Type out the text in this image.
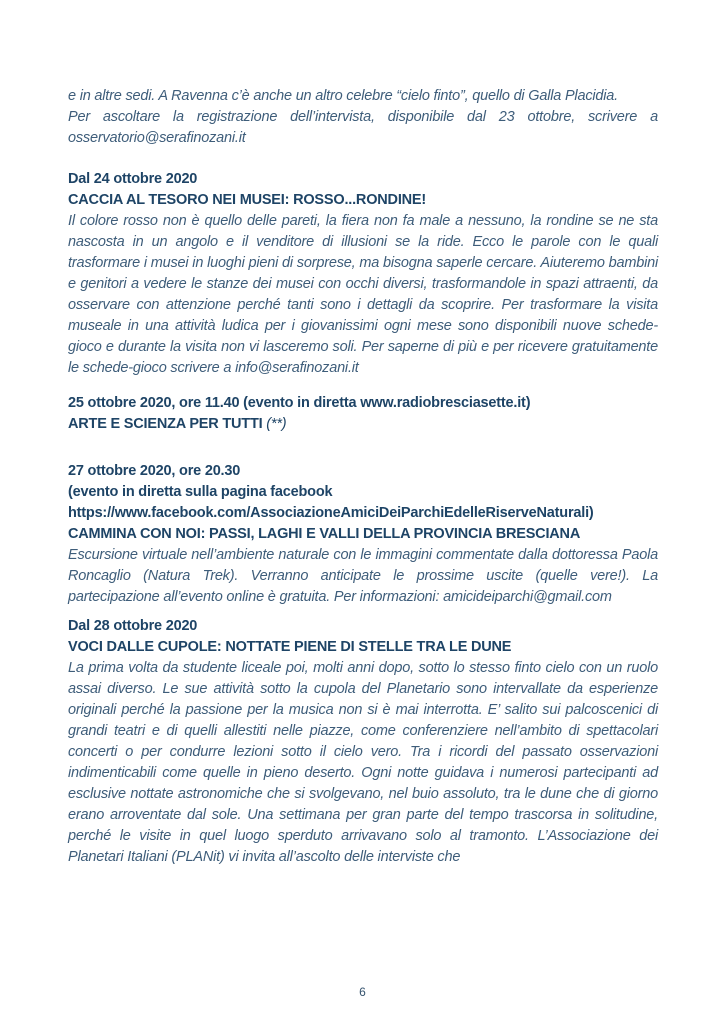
e in altre sedi. A Ravenna c’è anche un altro celebre “cielo finto”, quello di Galla Placidia.

Per ascoltare la registrazione dell’intervista, disponibile dal 23 ottobre, scrivere a osservatorio@serafinozani.it

Dal 24 ottobre 2020

CACCIA AL TESORO NEI MUSEI: ROSSO...RONDINE!

Il colore rosso non è quello delle pareti, la fiera non fa male a nessuno, la rondine se ne sta nascosta in un angolo e il venditore di illusioni se la ride. Ecco le parole con le quali trasformare i musei in luoghi pieni di sorprese, ma bisogna saperle cercare. Aiuteremo bambini e genitori a vedere le stanze dei musei con occhi diversi, trasformandole in spazi attraenti, da osservare con attenzione perché tanti sono i dettagli da scoprire. Per trasformare la visita museale in una attività ludica per i giovanissimi ogni mese sono disponibili nuove schede-gioco e durante la visita non vi lasceremo soli. Per saperne di più e per ricevere gratuitamente le schede-gioco scrivere a info@serafinozani.it

25 ottobre 2020, ore 11.40 (evento in diretta www.radiobresciasette.it)

ARTE E SCIENZA PER TUTTI (**)

27 ottobre 2020, ore 20.30

(evento in diretta sulla pagina facebook

https://www.facebook.com/AssociazioneAmiciDeiParchiEdelleRiserveNaturali)

CAMMINA CON NOI: PASSI, LAGHI E VALLI DELLA PROVINCIA BRESCIANA

Escursione virtuale nell’ambiente naturale con le immagini commentate dalla dottoressa Paola Roncaglio (Natura Trek). Verranno anticipate le prossime uscite (quelle vere!). La partecipazione all’evento online è gratuita. Per informazioni: amicideiparchi@gmail.com

Dal 28 ottobre 2020

VOCI DALLE CUPOLE: NOTTATE PIENE DI STELLE TRA LE DUNE

La prima volta da studente liceale poi, molti anni dopo, sotto lo stesso finto cielo con un ruolo assai diverso. Le sue attività sotto la cupola del Planetario sono intervallate da esperienze originali perché la passione per la musica non si è mai interrotta. E’ salito sui palcoscenici di grandi teatri e di quelli allestiti nelle piazze, come conferenziere nell’ambito di spettacolari concerti o per condurre lezioni sotto il cielo vero. Tra i ricordi del passato osservazioni indimenticabili come quelle in pieno deserto. Ogni notte guidava i numerosi partecipanti ad esclusive nottate astronomiche che si svolgevano, nel buio assoluto, tra le dune che di giorno erano arroventate dal sole. Una settimana per gran parte del tempo trascorsa in solitudine, perché le visite in quel luogo sperduto arrivavano solo al tramonto. L’Associazione dei Planetari Italiani (PLANit) vi invita all’ascolto delle interviste che

6
